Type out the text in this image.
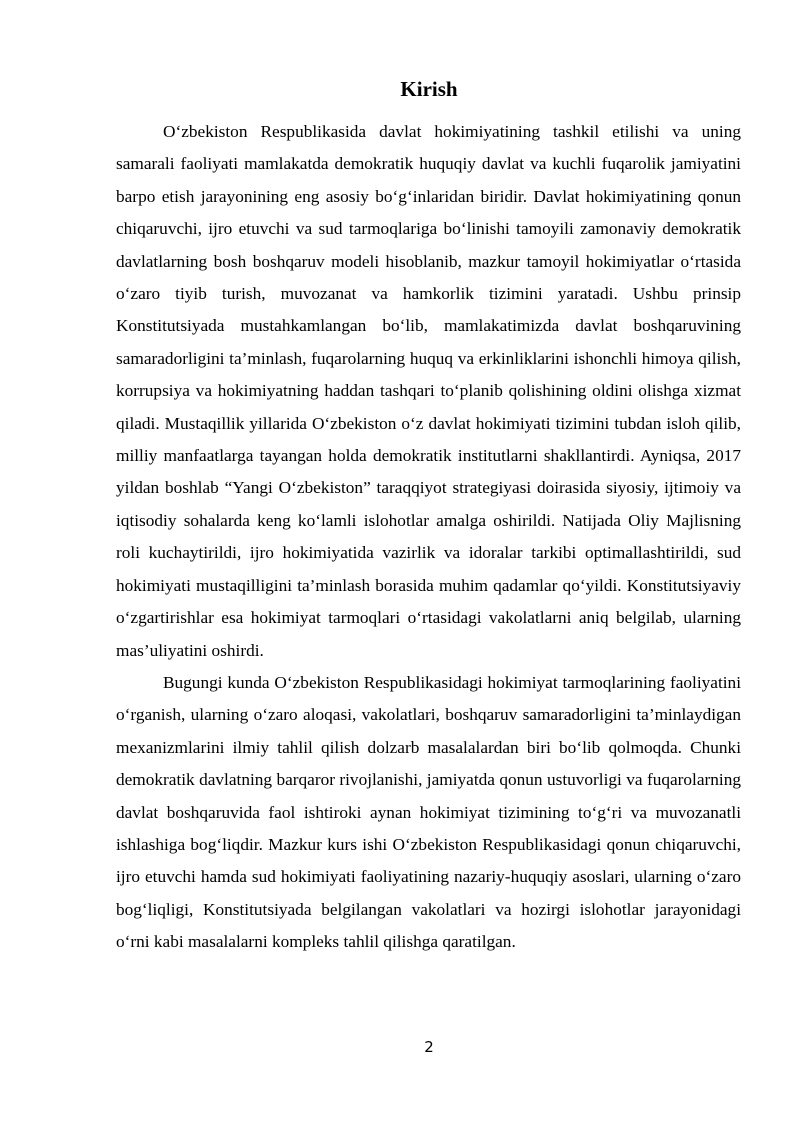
Kirish

O‘zbekiston Respublikasida davlat hokimiyatining tashkil etilishi va uning samarali faoliyati mamlakatda demokratik huquqiy davlat va kuchli fuqarolik jamiyatini barpo etish jarayonining eng asosiy bo‘g‘inlaridan biridir. Davlat hokimiyatining qonun chiqaruvchi, ijro etuvchi va sud tarmoqlariga bo‘linishi tamoyili zamonaviy demokratik davlatlarning bosh boshqaruv modeli hisoblanib, mazkur tamoyil hokimiyatlar o‘rtasida o‘zaro tiyib turish, muvozanat va hamkorlik tizimini yaratadi. Ushbu prinsip Konstitutsiyada mustahkamlangan bo‘lib, mamlakatimizda davlat boshqaruvining samaradorligini ta’minlash, fuqarolarning huquq va erkinliklarini ishonchli himoya qilish, korrupsiya va hokimiyatning haddan tashqari to‘planib qolishining oldini olishga xizmat qiladi. Mustaqillik yillarida O‘zbekiston o‘z davlat hokimiyati tizimini tubdan isloh qilib, milliy manfaatlarga tayangan holda demokratik institutlarni shakllantirdi. Ayniqsa, 2017 yildan boshlab “Yangi O‘zbekiston” taraqqiyot strategiyasi doirasida siyosiy, ijtimoiy va iqtisodiy sohalarda keng ko‘lamli islohotlar amalga oshirildi. Natijada Oliy Majlisning roli kuchaytirildi, ijro hokimiyatida vazirlik va idoralar tarkibi optimallashtirildi, sud hokimiyati mustaqilligini ta’minlash borasida muhim qadamlar qo‘yildi. Konstitutsiyaviy o‘zgartirishlar esa hokimiyat tarmoqlari o‘rtasidagi vakolatlarni aniq belgilab, ularning mas’uliyatini oshirdi.

Bugungi kunda O‘zbekiston Respublikasidagi hokimiyat tarmoqlarining faoliyatini o‘rganish, ularning o‘zaro aloqasi, vakolatlari, boshqaruv samaradorligini ta’minlaydigan mexanizmlarini ilmiy tahlil qilish dolzarb masalalardan biri bo‘lib qolmoqda. Chunki demokratik davlatning barqaror rivojlanishi, jamiyatda qonun ustuvorligi va fuqarolarning davlat boshqaruvida faol ishtiroki aynan hokimiyat tizimining to‘g‘ri va muvozanatli ishlashiga bog‘liqdir. Mazkur kurs ishi O‘zbekiston Respublikasidagi qonun chiqaruvchi, ijro etuvchi hamda sud hokimiyati faoliyatining nazariy-huquqiy asoslari, ularning o‘zaro bog‘liqligi, Konstitutsiyada belgilangan vakolatlari va hozirgi islohotlar jarayonidagi o‘rni kabi masalalarni kompleks tahlil qilishga qaratilgan.

2
